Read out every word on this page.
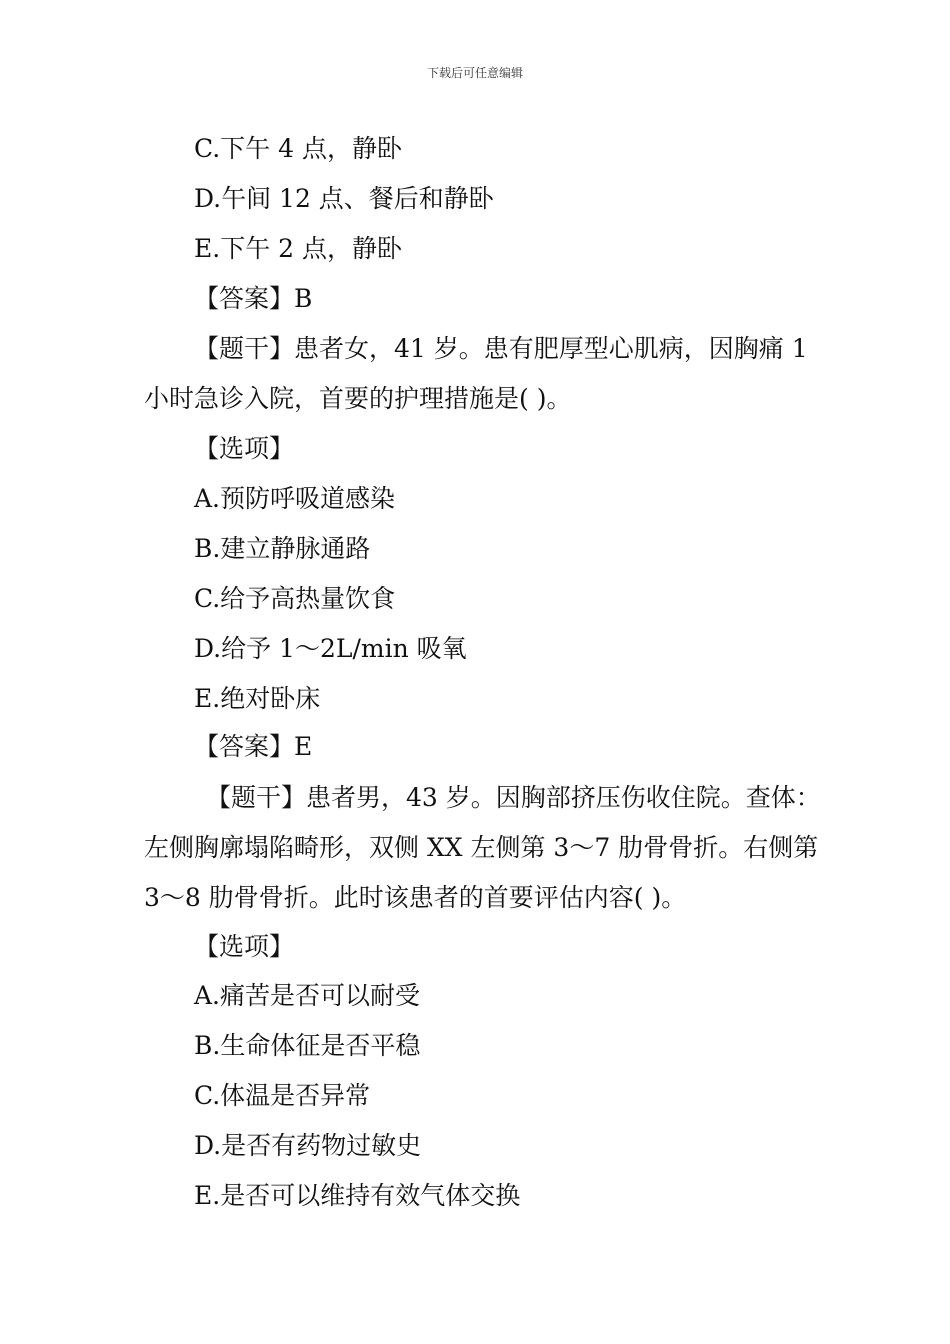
下载后可任意编辑
C.下午 4 点，静卧
D.午间 12 点、餐后和静卧
E.下午 2 点，静卧
【答案】B
【题干】患者女，41 岁。患有肥厚型心肌病，因胸痛 1
小时急诊入院，首要的护理措施是( )。
【选项】
A.预防呼吸道感染
B.建立静脉通路
C.给予高热量饮食
D.给予 1～2L/min 吸氧
E.绝对卧床
【答案】E
【题干】患者男，43 岁。因胸部挤压伤收住院。查体：
左侧胸廓塌陷畸形，双侧 XX 左侧第 3～7 肋骨骨折。右侧第
3～8 肋骨骨折。此时该患者的首要评估内容( )。
【选项】
A.痛苦是否可以耐受
B.生命体征是否平稳
C.体温是否异常
D.是否有药物过敏史
E.是否可以维持有效气体交换
